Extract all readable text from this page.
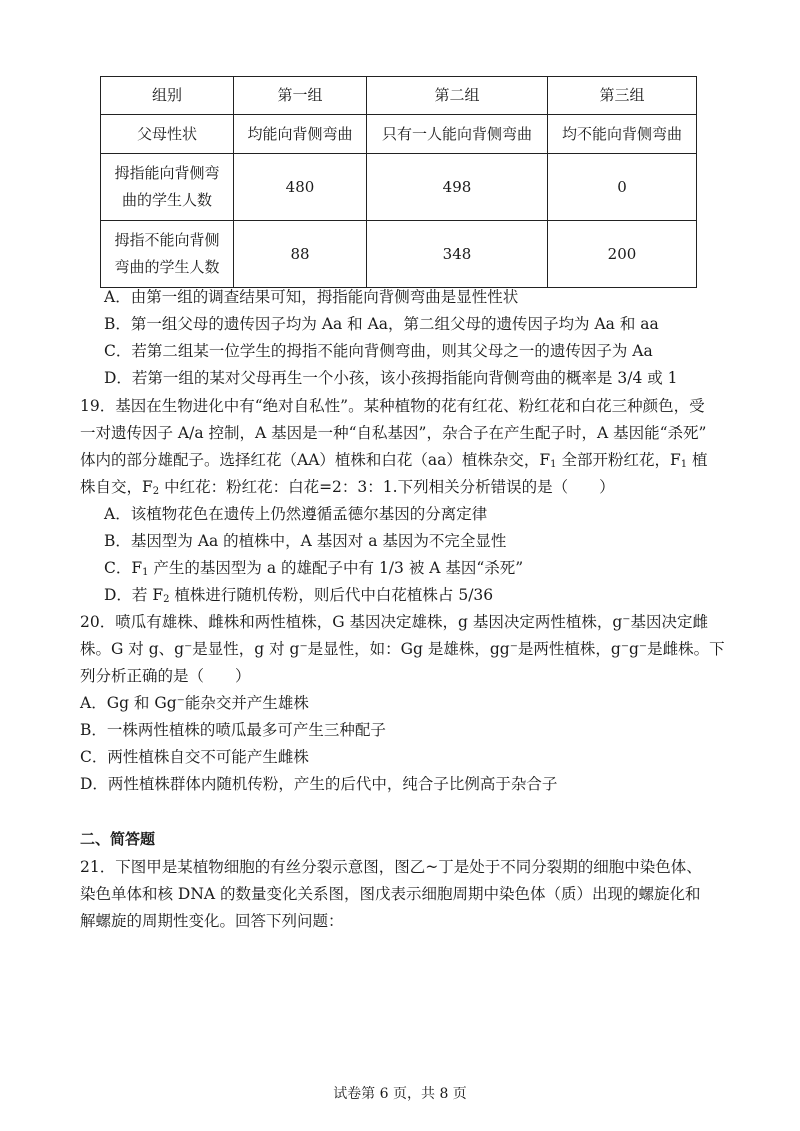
组别	第一组	第二组	第三组
父母性状	均能向背侧弯曲	只有一人能向背侧弯曲	均不能向背侧弯曲

拇指能向背侧弯
曲的学生人数	480	498	0

拇指不能向背侧
弯曲的学生人数	88	348	200
A．由第一组的调查结果可知，拇指能向背侧弯曲是显性性状
B．第一组父母的遗传因子均为 Aa 和 Aa，第二组父母的遗传因子均为 Aa 和 aa
C．若第二组某一位学生的拇指不能向背侧弯曲，则其父母之一的遗传因子为 Aa
D．若第一组的某对父母再生一个小孩，该小孩拇指能向背侧弯曲的概率是 3/4 或 1
19．基因在生物进化中有“绝对自私性”。某种植物的花有红花、粉红花和白花三种颜色，受
一对遗传因子 A/a 控制，A 基因是一种“自私基因”，杂合子在产生配子时，A 基因能“杀死”
体内的部分雄配子。选择红花（AA）植株和白花（aa）植株杂交，$F_1$ 全部开粉红花，$F_1$ 植
株自交，$F_2$ 中红花：粉红花：白花=2：3：1.下列相关分析错误的是（　　）
A．该植物花色在遗传上仍然遵循孟德尔基因的分离定律
B．基因型为 Aa 的植株中，A 基因对 a 基因为不完全显性
C．$F_1$ 产生的基因型为 a 的雄配子中有 1/3 被 A 基因“杀死”
D．若 $F_2$ 植株进行随机传粉，则后代中白花植株占 5/36
20．喷瓜有雄株、雌株和两性植株，G 基因决定雄株，g 基因决定两性植株，g⁻基因决定雌
株。G 对 g、g⁻是显性，g 对 g⁻是显性，如：Gg 是雄株，gg⁻是两性植株，g⁻g⁻是雌株。下
列分析正确的是（　　）
A．Gg 和 Gg⁻能杂交并产生雄株
B．一株两性植株的喷瓜最多可产生三种配子
C．两性植株自交不可能产生雌株
D．两性植株群体内随机传粉，产生的后代中，纯合子比例高于杂合子
二、简答题
21．下图甲是某植物细胞的有丝分裂示意图，图乙~丁是处于不同分裂期的细胞中染色体、
染色单体和核 DNA 的数量变化关系图，图戊表示细胞周期中染色体（质）出现的螺旋化和
解螺旋的周期性变化。回答下列问题：
试卷第 6 页，共 8 页
